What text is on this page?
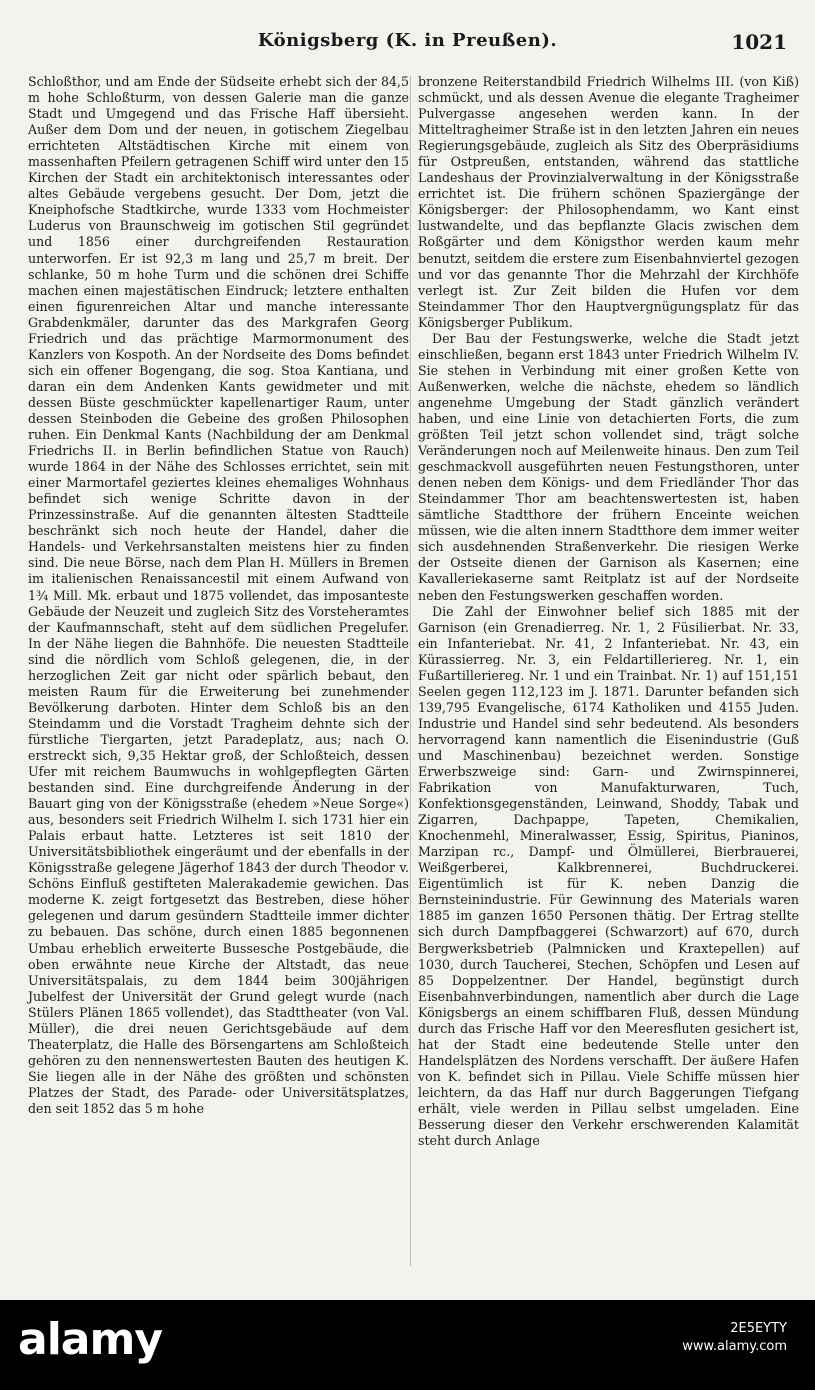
Königsberg (K. in Preußen).	1021

Schloßthor, und am Ende der Südseite erhebt sich der 84,5 m hohe Schloßturm, von dessen Galerie man die ganze Stadt und Umgegend und das Frische Haff übersieht. Außer dem Dom und der neuen, in gotischem Ziegelbau errichteten Altstädtischen Kirche mit einem von massenhaften Pfeilern getragenen Schiff wird unter den 15 Kirchen der Stadt ein architektonisch interessantes oder altes Gebäude vergebens gesucht. Der Dom, jetzt die Kneiphofsche Stadtkirche, wurde 1333 vom Hochmeister Luderus von Braunschweig im gotischen Stil gegründet und 1856 einer durchgreifenden Restauration unterworfen. Er ist 92,3 m lang und 25,7 m breit. Der schlanke, 50 m hohe Turm und die schönen drei Schiffe machen einen majestätischen Eindruck; letztere enthalten einen figurenreichen Altar und manche interessante Grabdenkmäler, darunter das des Markgrafen Georg Friedrich und das prächtige Marmormonument des Kanzlers von Kospoth. An der Nordseite des Doms befindet sich ein offener Bogengang, die sog. Stoa Kantiana, und daran ein dem Andenken Kants gewidmeter und mit dessen Büste geschmückter kapellenartiger Raum, unter dessen Steinboden die Gebeine des großen Philosophen ruhen. Ein Denkmal Kants (Nachbildung der am Denkmal Friedrichs II. in Berlin befindlichen Statue von Rauch) wurde 1864 in der Nähe des Schlosses errichtet, sein mit einer Marmortafel geziertes kleines ehemaliges Wohnhaus befindet sich wenige Schritte davon in der Prinzessinstraße. Auf die genannten ältesten Stadtteile beschränkt sich noch heute der Handel, daher die Handels- und Verkehrsanstalten meistens hier zu finden sind. Die neue Börse, nach dem Plan H. Müllers in Bremen im italienischen Renaissancestil mit einem Aufwand von 1¾ Mill. Mk. erbaut und 1875 vollendet, das imposanteste Gebäude der Neuzeit und zugleich Sitz des Vorsteheramtes der Kaufmannschaft, steht auf dem südlichen Pregelufer. In der Nähe liegen die Bahnhöfe. Die neuesten Stadtteile sind die nördlich vom Schloß gelegenen, die, in der herzoglichen Zeit gar nicht oder spärlich bebaut, den meisten Raum für die Erweiterung bei zunehmender Bevölkerung darboten. Hinter dem Schloß bis an den Steindamm und die Vorstadt Tragheim dehnte sich der fürstliche Tiergarten, jetzt Paradeplatz, aus; nach O. erstreckt sich, 9,35 Hektar groß, der Schloßteich, dessen Ufer mit reichem Baumwuchs in wohlgepflegten Gärten bestanden sind. Eine durchgreifende Änderung in der Bauart ging von der Königsstraße (ehedem »Neue Sorge«) aus, besonders seit Friedrich Wilhelm I. sich 1731 hier ein Palais erbaut hatte. Letzteres ist seit 1810 der Universitätsbibliothek eingeräumt und der ebenfalls in der Königsstraße gelegene Jägerhof 1843 der durch Theodor v. Schöns Einfluß gestifteten Malerakademie gewichen. Das moderne K. zeigt fortgesetzt das Bestreben, diese höher gelegenen und darum gesündern Stadtteile immer dichter zu bebauen. Das schöne, durch einen 1885 begonnenen Umbau erheblich erweiterte Bussesche Postgebäude, die oben erwähnte neue Kirche der Altstadt, das neue Universitätspalais, zu dem 1844 beim 300jährigen Jubelfest der Universität der Grund gelegt wurde (nach Stülers Plänen 1865 vollendet), das Stadttheater (von Val. Müller), die drei neuen Gerichtsgebäude auf dem Theaterplatz, die Halle des Börsengartens am Schloßteich gehören zu den nennenswertesten Bauten des heutigen K. Sie liegen alle in der Nähe des größten und schönsten Platzes der Stadt, des Parade- oder Universitätsplatzes, den seit 1852 das 5 m hohe

bronzene Reiterstandbild Friedrich Wilhelms III. (von Kiß) schmückt, und als dessen Avenue die elegante Tragheimer Pulvergasse angesehen werden kann. In der Mitteltragheimer Straße ist in den letzten Jahren ein neues Regierungsgebäude, zugleich als Sitz des Oberpräsidiums für Ostpreußen, entstanden, während das stattliche Landeshaus der Provinzialverwaltung in der Königsstraße errichtet ist. Die frühern schönen Spaziergänge der Königsberger: der Philosophendamm, wo Kant einst lustwandelte, und das bepflanzte Glacis zwischen dem Roßgärter und dem Königsthor werden kaum mehr benutzt, seitdem die erstere zum Eisenbahnviertel gezogen und vor das genannte Thor die Mehrzahl der Kirchhöfe verlegt ist. Zur Zeit bilden die Hufen vor dem Steindammer Thor den Hauptvergnügungsplatz für das Königsberger Publikum.

Der Bau der Festungswerke, welche die Stadt jetzt einschließen, begann erst 1843 unter Friedrich Wilhelm IV. Sie stehen in Verbindung mit einer großen Kette von Außenwerken, welche die nächste, ehedem so ländlich angenehme Umgebung der Stadt gänzlich verändert haben, und eine Linie von detachierten Forts, die zum größten Teil jetzt schon vollendet sind, trägt solche Veränderungen noch auf Meilenweite hinaus. Den zum Teil geschmackvoll ausgeführten neuen Festungsthoren, unter denen neben dem Königs- und dem Friedländer Thor das Steindammer Thor am beachtenswertesten ist, haben sämtliche Stadtthore der frühern Enceinte weichen müssen, wie die alten innern Stadtthore dem immer weiter sich ausdehnenden Straßenverkehr. Die riesigen Werke der Ostseite dienen der Garnison als Kasernen; eine Kavalleriekaserne samt Reitplatz ist auf der Nordseite neben den Festungswerken geschaffen worden.

Die Zahl der Einwohner belief sich 1885 mit der Garnison (ein Grenadierreg. Nr. 1, 2 Füsilierbat. Nr. 33, ein Infanteriebat. Nr. 41, 2 Infanteriebat. Nr. 43, ein Kürassierreg. Nr. 3, ein Feldartilleriereg. Nr. 1, ein Fußartilleriereg. Nr. 1 und ein Trainbat. Nr. 1) auf 151,151 Seelen gegen 112,123 im J. 1871. Darunter befanden sich 139,795 Evangelische, 6174 Katholiken und 4155 Juden. Industrie und Handel sind sehr bedeutend. Als besonders hervorragend kann namentlich die Eisenindustrie (Guß und Maschinenbau) bezeichnet werden. Sonstige Erwerbszweige sind: Garn- und Zwirnspinnerei, Fabrikation von Manufakturwaren, Tuch, Konfektionsgegenständen, Leinwand, Shoddy, Tabak und Zigarren, Dachpappe, Tapeten, Chemikalien, Knochenmehl, Mineralwasser, Essig, Spiritus, Pianinos, Marzipan rc., Dampf- und Ölmüllerei, Bierbrauerei, Weißgerberei, Kalkbrennerei, Buchdruckerei. Eigentümlich ist für K. neben Danzig die Bernsteinindustrie. Für Gewinnung des Materials waren 1885 im ganzen 1650 Personen thätig. Der Ertrag stellte sich durch Dampfbaggerei (Schwarzort) auf 670, durch Bergwerksbetrieb (Palmnicken und Kraxtepellen) auf 1030, durch Taucherei, Stechen, Schöpfen und Lesen auf 85 Doppelzentner. Der Handel, begünstigt durch Eisenbahnverbindungen, namentlich aber durch die Lage Königsbergs an einem schiffbaren Fluß, dessen Mündung durch das Frische Haff vor den Meeresfluten gesichert ist, hat der Stadt eine bedeutende Stelle unter den Handelsplätzen des Nordens verschafft. Der äußere Hafen von K. befindet sich in Pillau. Viele Schiffe müssen hier leichtern, da das Haff nur durch Baggerungen Tiefgang erhält, viele werden in Pillau selbst umgeladen. Eine Besserung dieser den Verkehr erschwerenden Kalamität steht durch Anlage

alamy	2E5EYTY
www.alamy.com
